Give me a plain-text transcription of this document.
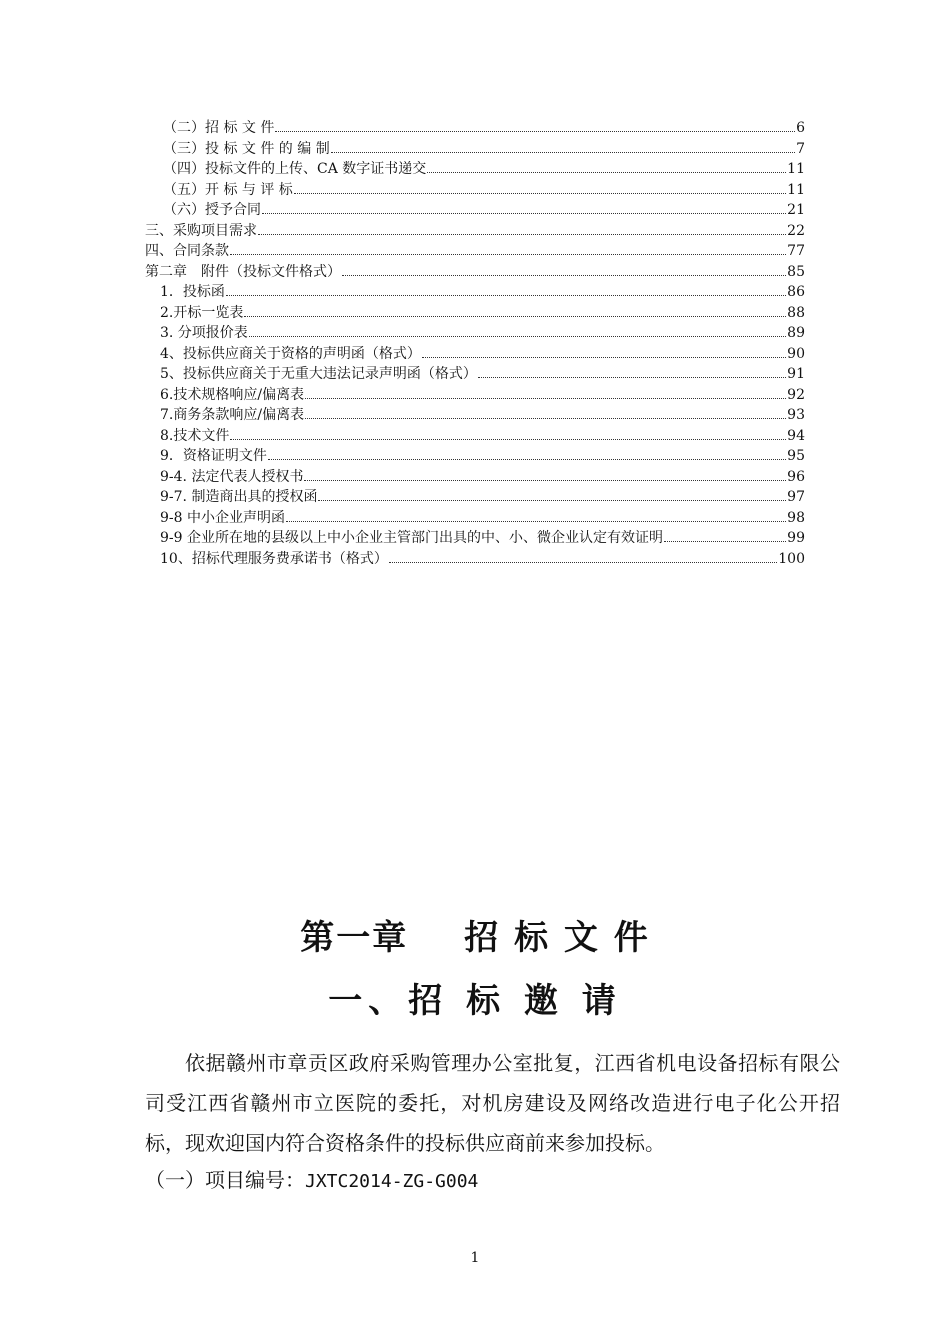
（二）招 标 文 件	6
（三）投 标 文 件 的 编 制	7
（四）投标文件的上传、CA 数字证书递交	11
（五）开 标 与 评 标	11
（六）授予合同	21
三、采购项目需求	22
四、合同条款	77
第二章　附件（投标文件格式）	85
1．投标函	86
2.开标一览表	88
3. 分项报价表	89
4、投标供应商关于资格的声明函（格式）	90
5、投标供应商关于无重大违法记录声明函（格式）	91
6.技术规格响应/偏离表	92
7.商务条款响应/偏离表	93
8.技术文件	94
9．资格证明文件	95
9-4. 法定代表人授权书	96
9-7. 制造商出具的授权函	97
9-8 中小企业声明函	98
9-9 企业所在地的县级以上中小企业主管部门出具的中、小、微企业认定有效证明	99
10、招标代理服务费承诺书（格式）	100
第一章 招 标 文 件
一、招 标 邀 请
依据赣州市章贡区政府采购管理办公室批复，江西省机电设备招标有限公司受江西省赣州市立医院的委托，对机房建设及网络改造进行电子化公开招标，现欢迎国内符合资格条件的投标供应商前来参加投标。
（一）项目编号：JXTC2014-ZG-G004
1
